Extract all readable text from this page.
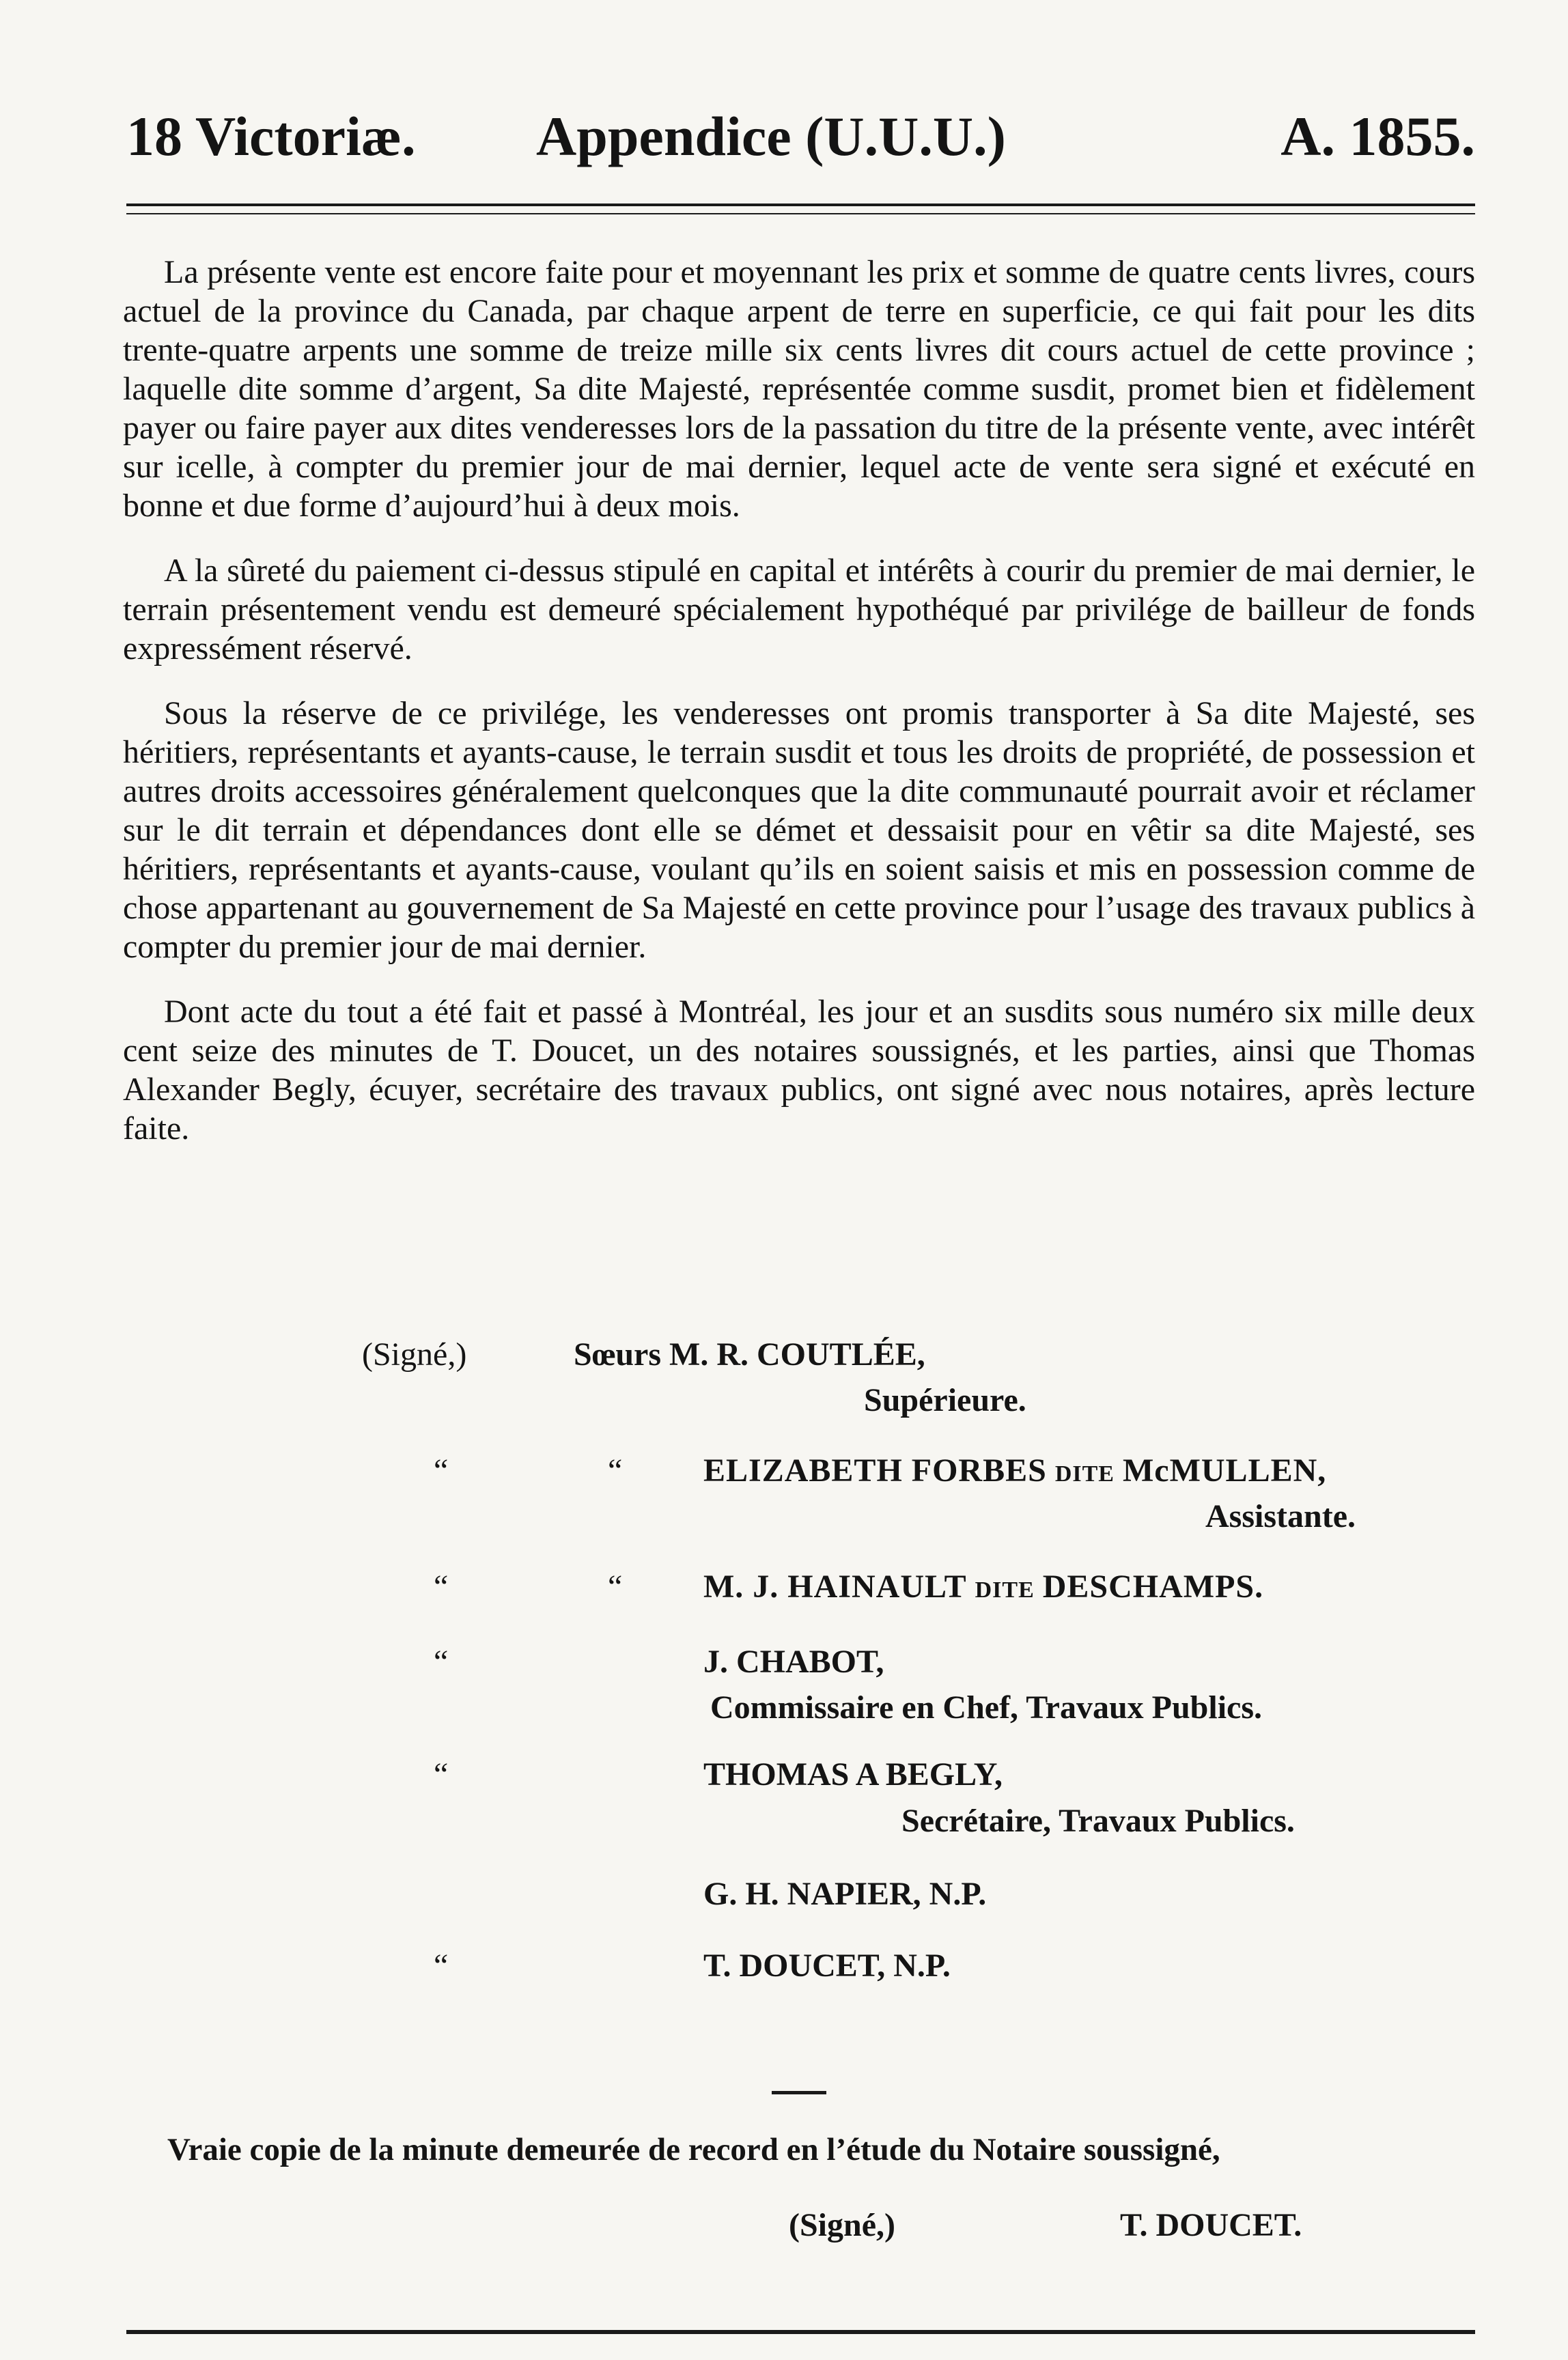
18 Victoriæ. Appendice (U.U.U.)	A. 1855.

La présente vente est encore faite pour et moyennant les prix et somme de quatre cents livres, cours actuel de la province du Canada, par chaque arpent de terre en superficie, ce qui fait pour les dits trente-quatre arpents une somme de treize mille six cents livres dit cours actuel de cette province ; laquelle dite somme d’argent, Sa dite Majesté, représentée comme susdit, promet bien et fidèlement payer ou faire payer aux dites venderesses lors de la passation du titre de la présente vente, avec intérêt sur icelle, à compter du premier jour de mai dernier, lequel acte de vente sera signé et exécuté en bonne et due forme d’aujourd’hui à deux mois.

A la sûreté du paiement ci-dessus stipulé en capital et intérêts à courir du premier de mai dernier, le terrain présentement vendu est demeuré spécialement hypothéqué par privilége de bailleur de fonds expressément réservé.

Sous la réserve de ce privilége, les venderesses ont promis transporter à Sa dite Majesté, ses héritiers, représentants et ayants-cause, le terrain susdit et tous les droits de propriété, de possession et autres droits accessoires généralement quelconques que la dite communauté pourrait avoir et réclamer sur le dit terrain et dépendances dont elle se démet et dessaisit pour en vêtir sa dite Majesté, ses héritiers, représentants et ayants-cause, voulant qu’ils en soient saisis et mis en possession comme de chose appartenant au gouvernement de Sa Majesté en cette province pour l’usage des travaux publics à compter du premier jour de mai dernier.

Dont acte du tout a été fait et passé à Montréal, les jour et an susdits sous numéro six mille deux cent seize des minutes de T. Doucet, un des notaires soussignés, et les parties, ainsi que Thomas Alexander Begly, écuyer, secrétaire des travaux publics, ont signé avec nous notaires, après lecture faite.

(Signé,)	Sœurs M. R. COUTLÉE,
Supérieure.
“	“ ELIZABETH FORBES DITE McMULLEN,
Assistante.
“	“ M. J. HAINAULT DITE DESCHAMPS.
“	J. CHABOT,
Commissaire en Chef, Travaux Publics.
“	THOMAS A BEGLY,
Secrétaire, Travaux Publics.
G. H. NAPIER, N.P.
“	T. DOUCET, N.P.
Vraie copie de la minute demeurée de record en l’étude du Notaire soussigné,
(Signé,)	T. DOUCET.
